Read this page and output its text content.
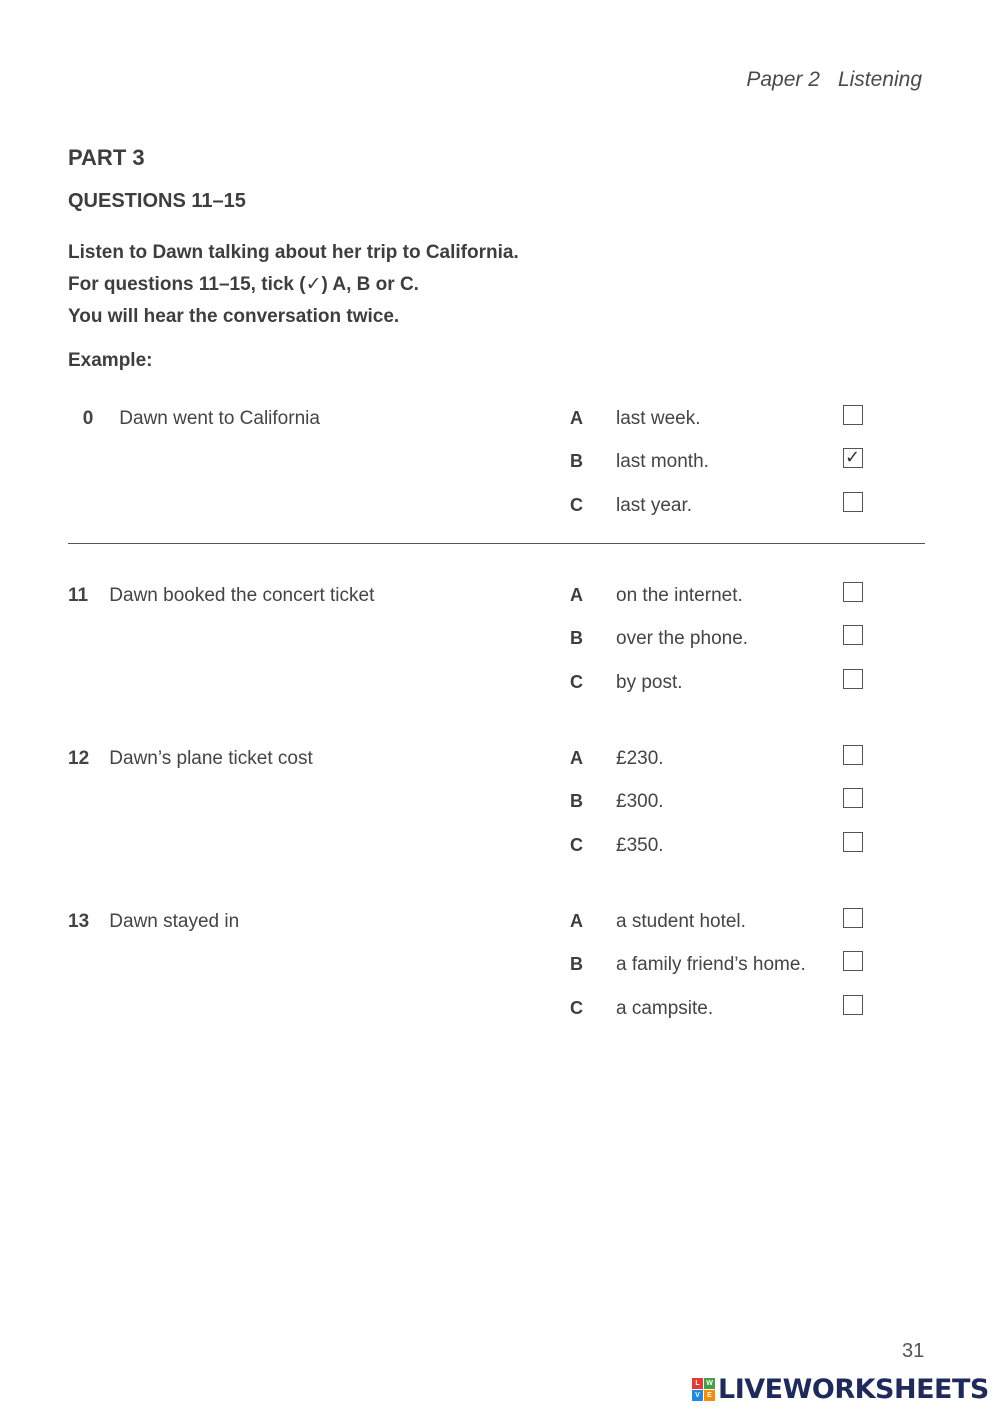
Paper 2 Listening
PART 3
QUESTIONS 11–15
Listen to Dawn talking about her trip to California.
For questions 11–15, tick (✓) A, B or C.
You will hear the conversation twice.
Example:
0 Dawn went to California	A last week.
B last month.	✓
C last year.
11 Dawn booked the concert ticket	A on the internet.
B over the phone.
C by post.
12 Dawn’s plane ticket cost	A £230.
B £300.
C £350.
13 Dawn stayed in	A a student hotel.
B a family friend’s home.
C a campsite.
31
L W
V	E LIVEWORKSHEETS
